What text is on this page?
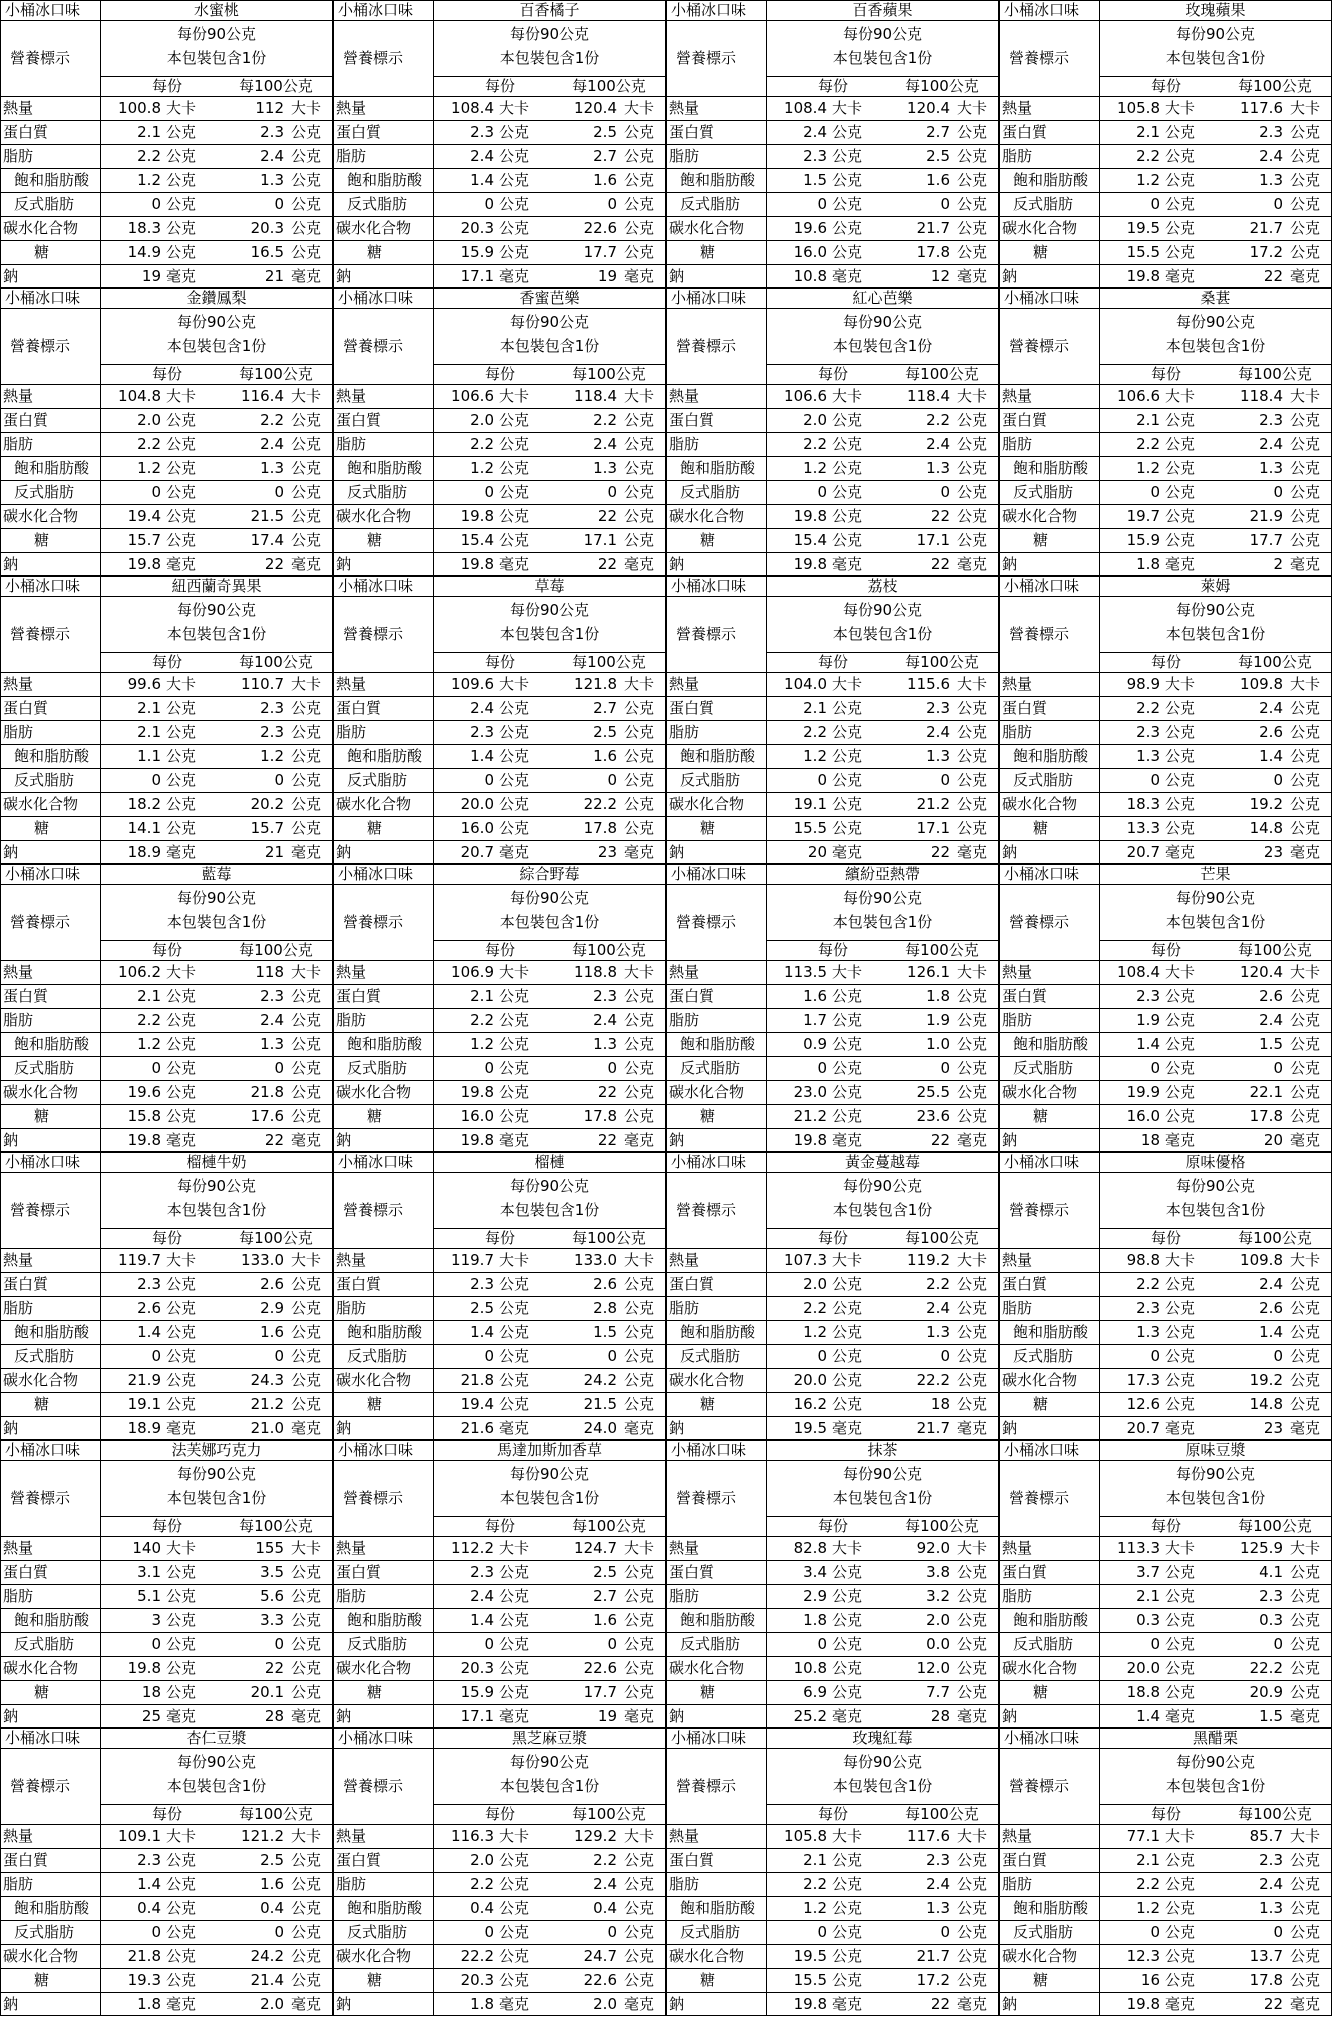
小桶冰口味	水蜜桃
營養標示
每份90公克
本包裝包含1份
每份	每100公克
熱量	100.8 大卡	112 大卡
蛋白質	2.1 公克	2.3 公克
脂肪	2.2 公克	2.4 公克
飽和脂肪酸	1.2 公克	1.3 公克
反式脂肪	0 公克	0 公克
碳水化合物	18.3 公克	20.3 公克
糖	14.9 公克	16.5 公克
鈉	19 毫克	21 毫克
小桶冰口味	百香橘子
營養標示
每份90公克
本包裝包含1份
每份	每100公克
熱量	108.4 大卡	120.4 大卡
蛋白質	2.3 公克	2.5 公克
脂肪	2.4 公克	2.7 公克
飽和脂肪酸	1.4 公克	1.6 公克
反式脂肪	0 公克	0 公克
碳水化合物	20.3 公克	22.6 公克
糖	15.9 公克	17.7 公克
鈉	17.1 毫克	19 毫克
小桶冰口味	百香蘋果
營養標示
每份90公克
本包裝包含1份
每份	每100公克
熱量	108.4 大卡	120.4 大卡
蛋白質	2.4 公克	2.7 公克
脂肪	2.3 公克	2.5 公克
飽和脂肪酸	1.5 公克	1.6 公克
反式脂肪	0 公克	0 公克
碳水化合物	19.6 公克	21.7 公克
糖	16.0 公克	17.8 公克
鈉	10.8 毫克	12 毫克
小桶冰口味	玫瑰蘋果
營養標示
每份90公克
本包裝包含1份
每份	每100公克
熱量	105.8 大卡	117.6 大卡
蛋白質	2.1 公克	2.3 公克
脂肪	2.2 公克	2.4 公克
飽和脂肪酸	1.2 公克	1.3 公克
反式脂肪	0 公克	0 公克
碳水化合物	19.5 公克	21.7 公克
糖	15.5 公克	17.2 公克
鈉	19.8 毫克	22 毫克
小桶冰口味	金鑽鳳梨
營養標示
每份90公克
本包裝包含1份
每份	每100公克
熱量	104.8 大卡	116.4 大卡
蛋白質	2.0 公克	2.2 公克
脂肪	2.2 公克	2.4 公克
飽和脂肪酸	1.2 公克	1.3 公克
反式脂肪	0 公克	0 公克
碳水化合物	19.4 公克	21.5 公克
糖	15.7 公克	17.4 公克
鈉	19.8 毫克	22 毫克
小桶冰口味	香蜜芭樂
營養標示
每份90公克
本包裝包含1份
每份	每100公克
熱量	106.6 大卡	118.4 大卡
蛋白質	2.0 公克	2.2 公克
脂肪	2.2 公克	2.4 公克
飽和脂肪酸	1.2 公克	1.3 公克
反式脂肪	0 公克	0 公克
碳水化合物	19.8 公克	22 公克
糖	15.4 公克	17.1 公克
鈉	19.8 毫克	22 毫克
小桶冰口味	紅心芭樂
營養標示
每份90公克
本包裝包含1份
每份	每100公克
熱量	106.6 大卡	118.4 大卡
蛋白質	2.0 公克	2.2 公克
脂肪	2.2 公克	2.4 公克
飽和脂肪酸	1.2 公克	1.3 公克
反式脂肪	0 公克	0 公克
碳水化合物	19.8 公克	22 公克
糖	15.4 公克	17.1 公克
鈉	19.8 毫克	22 毫克
小桶冰口味	桑葚
營養標示
每份90公克
本包裝包含1份
每份	每100公克
熱量	106.6 大卡	118.4 大卡
蛋白質	2.1 公克	2.3 公克
脂肪	2.2 公克	2.4 公克
飽和脂肪酸	1.2 公克	1.3 公克
反式脂肪	0 公克	0 公克
碳水化合物	19.7 公克	21.9 公克
糖	15.9 公克	17.7 公克
鈉	1.8 毫克	2 毫克
小桶冰口味	紐西蘭奇異果
營養標示
每份90公克
本包裝包含1份
每份	每100公克
熱量	99.6 大卡	110.7 大卡
蛋白質	2.1 公克	2.3 公克
脂肪	2.1 公克	2.3 公克
飽和脂肪酸	1.1 公克	1.2 公克
反式脂肪	0 公克	0 公克
碳水化合物	18.2 公克	20.2 公克
糖	14.1 公克	15.7 公克
鈉	18.9 毫克	21 毫克
小桶冰口味	草莓
營養標示
每份90公克
本包裝包含1份
每份	每100公克
熱量	109.6 大卡	121.8 大卡
蛋白質	2.4 公克	2.7 公克
脂肪	2.3 公克	2.5 公克
飽和脂肪酸	1.4 公克	1.6 公克
反式脂肪	0 公克	0 公克
碳水化合物	20.0 公克	22.2 公克
糖	16.0 公克	17.8 公克
鈉	20.7 毫克	23 毫克
小桶冰口味	荔枝
營養標示
每份90公克
本包裝包含1份
每份	每100公克
熱量	104.0 大卡	115.6 大卡
蛋白質	2.1 公克	2.3 公克
脂肪	2.2 公克	2.4 公克
飽和脂肪酸	1.2 公克	1.3 公克
反式脂肪	0 公克	0 公克
碳水化合物	19.1 公克	21.2 公克
糖	15.5 公克	17.1 公克
鈉	20 毫克	22 毫克
小桶冰口味	萊姆
營養標示
每份90公克
本包裝包含1份
每份	每100公克
熱量	98.9 大卡	109.8 大卡
蛋白質	2.2 公克	2.4 公克
脂肪	2.3 公克	2.6 公克
飽和脂肪酸	1.3 公克	1.4 公克
反式脂肪	0 公克	0 公克
碳水化合物	18.3 公克	19.2 公克
糖	13.3 公克	14.8 公克
鈉	20.7 毫克	23 毫克
小桶冰口味	藍莓
營養標示
每份90公克
本包裝包含1份
每份	每100公克
熱量	106.2 大卡	118 大卡
蛋白質	2.1 公克	2.3 公克
脂肪	2.2 公克	2.4 公克
飽和脂肪酸	1.2 公克	1.3 公克
反式脂肪	0 公克	0 公克
碳水化合物	19.6 公克	21.8 公克
糖	15.8 公克	17.6 公克
鈉	19.8 毫克	22 毫克
小桶冰口味	綜合野莓
營養標示
每份90公克
本包裝包含1份
每份	每100公克
熱量	106.9 大卡	118.8 大卡
蛋白質	2.1 公克	2.3 公克
脂肪	2.2 公克	2.4 公克
飽和脂肪酸	1.2 公克	1.3 公克
反式脂肪	0 公克	0 公克
碳水化合物	19.8 公克	22 公克
糖	16.0 公克	17.8 公克
鈉	19.8 毫克	22 毫克
小桶冰口味	繽紛亞熱帶
營養標示
每份90公克
本包裝包含1份
每份	每100公克
熱量	113.5 大卡	126.1 大卡
蛋白質	1.6 公克	1.8 公克
脂肪	1.7 公克	1.9 公克
飽和脂肪酸	0.9 公克	1.0 公克
反式脂肪	0 公克	0 公克
碳水化合物	23.0 公克	25.5 公克
糖	21.2 公克	23.6 公克
鈉	19.8 毫克	22 毫克
小桶冰口味	芒果
營養標示
每份90公克
本包裝包含1份
每份	每100公克
熱量	108.4 大卡	120.4 大卡
蛋白質	2.3 公克	2.6 公克
脂肪	1.9 公克	2.4 公克
飽和脂肪酸	1.4 公克	1.5 公克
反式脂肪	0 公克	0 公克
碳水化合物	19.9 公克	22.1 公克
糖	16.0 公克	17.8 公克
鈉	18 毫克	20 毫克
小桶冰口味	榴槤牛奶
營養標示
每份90公克
本包裝包含1份
每份	每100公克
熱量	119.7 大卡	133.0 大卡
蛋白質	2.3 公克	2.6 公克
脂肪	2.6 公克	2.9 公克
飽和脂肪酸	1.4 公克	1.6 公克
反式脂肪	0 公克	0 公克
碳水化合物	21.9 公克	24.3 公克
糖	19.1 公克	21.2 公克
鈉	18.9 毫克	21.0 毫克
小桶冰口味	榴槤
營養標示
每份90公克
本包裝包含1份
每份	每100公克
熱量	119.7 大卡	133.0 大卡
蛋白質	2.3 公克	2.6 公克
脂肪	2.5 公克	2.8 公克
飽和脂肪酸	1.4 公克	1.5 公克
反式脂肪	0 公克	0 公克
碳水化合物	21.8 公克	24.2 公克
糖	19.4 公克	21.5 公克
鈉	21.6 毫克	24.0 毫克
小桶冰口味	黃金蔓越莓
營養標示
每份90公克
本包裝包含1份
每份	每100公克
熱量	107.3 大卡	119.2 大卡
蛋白質	2.0 公克	2.2 公克
脂肪	2.2 公克	2.4 公克
飽和脂肪酸	1.2 公克	1.3 公克
反式脂肪	0 公克	0 公克
碳水化合物	20.0 公克	22.2 公克
糖	16.2 公克	18 公克
鈉	19.5 毫克	21.7 毫克
小桶冰口味	原味優格
營養標示
每份90公克
本包裝包含1份
每份	每100公克
熱量	98.8 大卡	109.8 大卡
蛋白質	2.2 公克	2.4 公克
脂肪	2.3 公克	2.6 公克
飽和脂肪酸	1.3 公克	1.4 公克
反式脂肪	0 公克	0 公克
碳水化合物	17.3 公克	19.2 公克
糖	12.6 公克	14.8 公克
鈉	20.7 毫克	23 毫克
小桶冰口味	法芙娜巧克力
營養標示
每份90公克
本包裝包含1份
每份	每100公克
熱量	140 大卡	155 大卡
蛋白質	3.1 公克	3.5 公克
脂肪	5.1 公克	5.6 公克
飽和脂肪酸	3 公克	3.3 公克
反式脂肪	0 公克	0 公克
碳水化合物	19.8 公克	22 公克
糖	18 公克	20.1 公克
鈉	25 毫克	28 毫克
小桶冰口味	馬達加斯加香草
營養標示
每份90公克
本包裝包含1份
每份	每100公克
熱量	112.2 大卡	124.7 大卡
蛋白質	2.3 公克	2.5 公克
脂肪	2.4 公克	2.7 公克
飽和脂肪酸	1.4 公克	1.6 公克
反式脂肪	0 公克	0 公克
碳水化合物	20.3 公克	22.6 公克
糖	15.9 公克	17.7 公克
鈉	17.1 毫克	19 毫克
小桶冰口味	抹茶
營養標示
每份90公克
本包裝包含1份
每份	每100公克
熱量	82.8 大卡	92.0 大卡
蛋白質	3.4 公克	3.8 公克
脂肪	2.9 公克	3.2 公克
飽和脂肪酸	1.8 公克	2.0 公克
反式脂肪	0 公克	0.0 公克
碳水化合物	10.8 公克	12.0 公克
糖	6.9 公克	7.7 公克
鈉	25.2 毫克	28 毫克
小桶冰口味	原味豆漿
營養標示
每份90公克
本包裝包含1份
每份	每100公克
熱量	113.3 大卡	125.9 大卡
蛋白質	3.7 公克	4.1 公克
脂肪	2.1 公克	2.3 公克
飽和脂肪酸	0.3 公克	0.3 公克
反式脂肪	0 公克	0 公克
碳水化合物	20.0 公克	22.2 公克
糖	18.8 公克	20.9 公克
鈉	1.4 毫克	1.5 毫克
小桶冰口味	杏仁豆漿
營養標示
每份90公克
本包裝包含1份
每份	每100公克
熱量	109.1 大卡	121.2 大卡
蛋白質	2.3 公克	2.5 公克
脂肪	1.4 公克	1.6 公克
飽和脂肪酸	0.4 公克	0.4 公克
反式脂肪	0 公克	0 公克
碳水化合物	21.8 公克	24.2 公克
糖	19.3 公克	21.4 公克
鈉	1.8 毫克	2.0 毫克
小桶冰口味	黑芝麻豆漿
營養標示
每份90公克
本包裝包含1份
每份	每100公克
熱量	116.3 大卡	129.2 大卡
蛋白質	2.0 公克	2.2 公克
脂肪	2.2 公克	2.4 公克
飽和脂肪酸	0.4 公克	0.4 公克
反式脂肪	0 公克	0 公克
碳水化合物	22.2 公克	24.7 公克
糖	20.3 公克	22.6 公克
鈉	1.8 毫克	2.0 毫克
小桶冰口味	玫瑰紅莓
營養標示
每份90公克
本包裝包含1份
每份	每100公克
熱量	105.8 大卡	117.6 大卡
蛋白質	2.1 公克	2.3 公克
脂肪	2.2 公克	2.4 公克
飽和脂肪酸	1.2 公克	1.3 公克
反式脂肪	0 公克	0 公克
碳水化合物	19.5 公克	21.7 公克
糖	15.5 公克	17.2 公克
鈉	19.8 毫克	22 毫克
小桶冰口味	黑醋栗
營養標示
每份90公克
本包裝包含1份
每份	每100公克
熱量	77.1 大卡	85.7 大卡
蛋白質	2.1 公克	2.3 公克
脂肪	2.2 公克	2.4 公克
飽和脂肪酸	1.2 公克	1.3 公克
反式脂肪	0 公克	0 公克
碳水化合物	12.3 公克	13.7 公克
糖	16 公克	17.8 公克
鈉	19.8 毫克	22 毫克
